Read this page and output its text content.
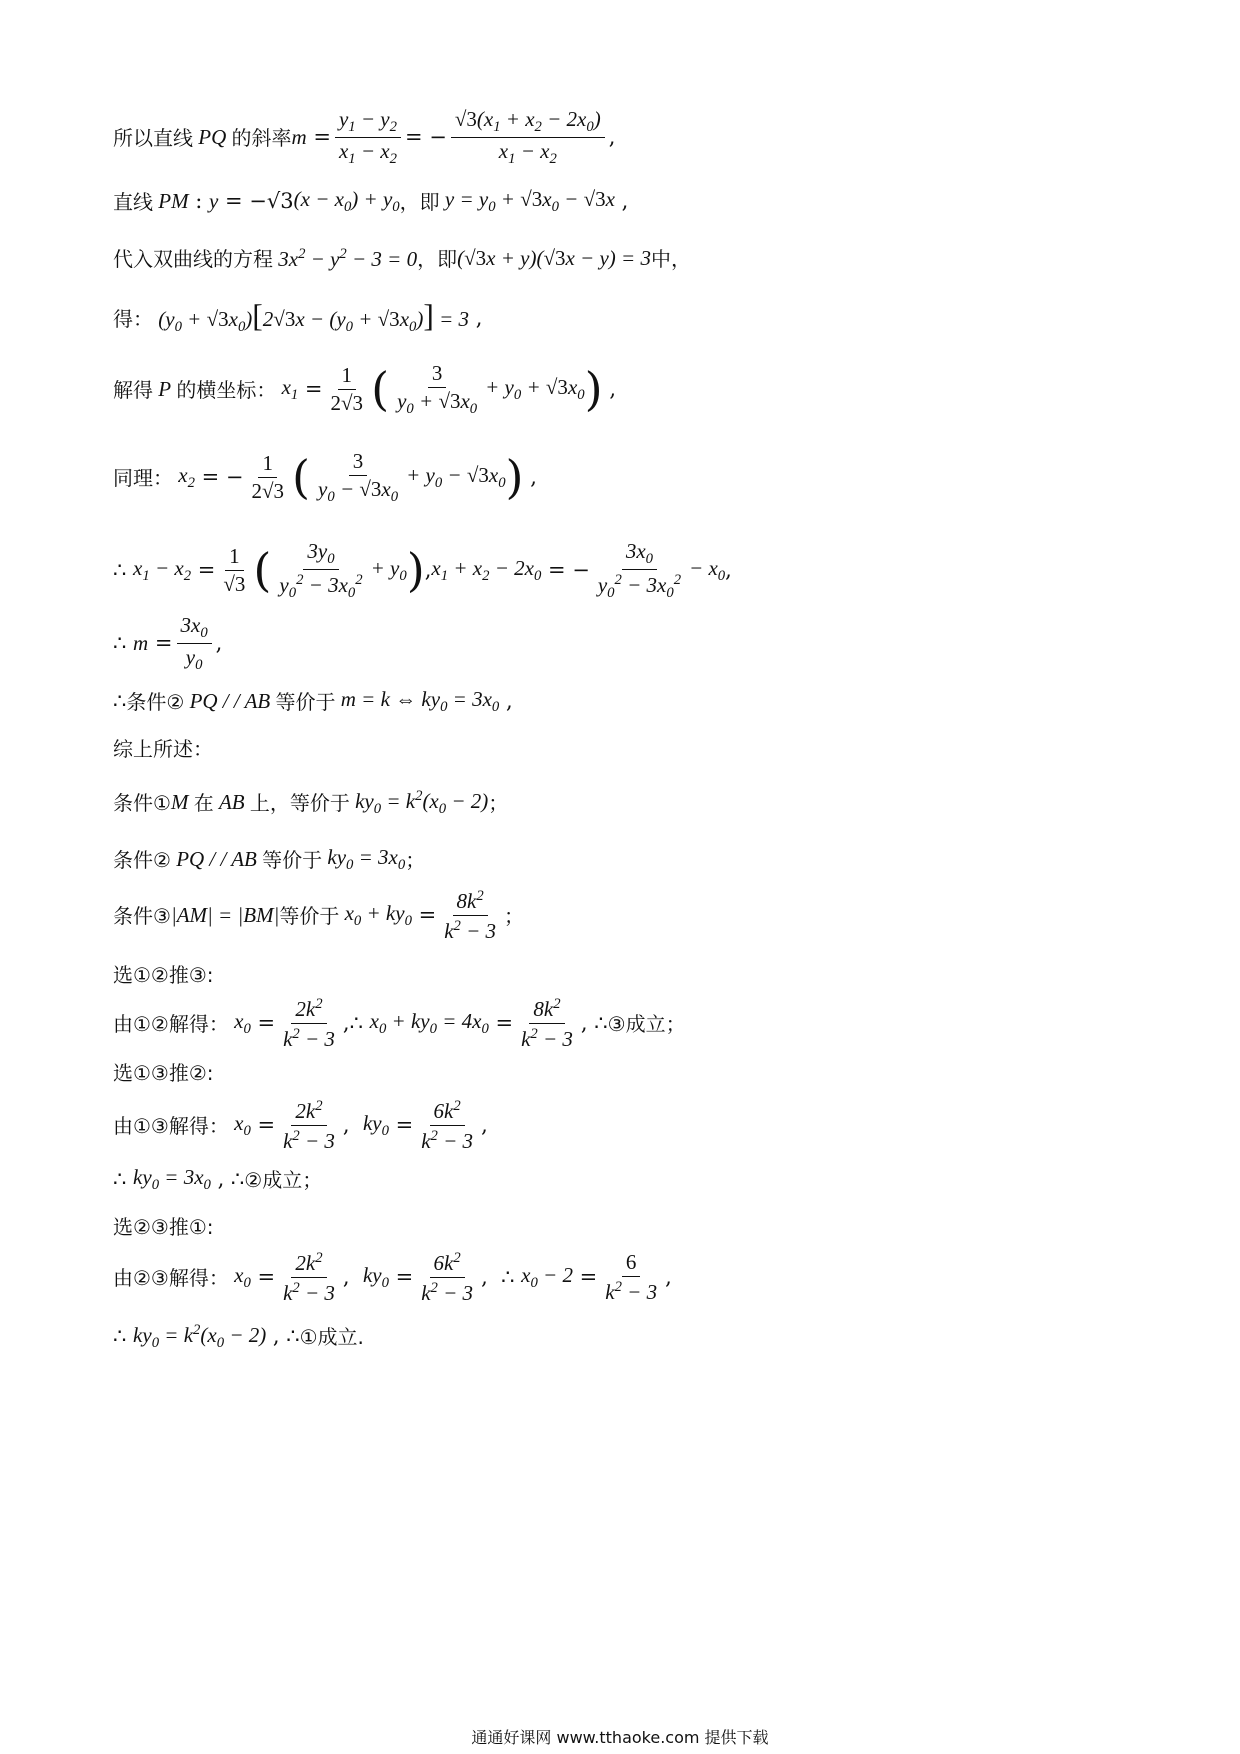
所以直线 PQ 的斜率 $m = \frac{y_1 - y_2}{x_1 - x_2}$ = − $\frac{√3(x_1 + x_2 - 2x_0)}{x_1 - x_2}$ ,
直线 PM : y = − √3 $(x - x_0) + y_0$ ，即 $y = y_0 + √3x_0 - √3x$ ,
代入双曲线的方程 $3x^2 - y^2 - 3 = 0$ ，即 (√3x + y)(√3x − y) = 3 中，
得： $(y_0 + √3x_0)[2√3x - (y_0 + √3x_0)] = 3$ ,
解得 P 的横坐标： $x_1 = \frac{1}{2√3}$ ( $\frac{3}{y_0 + √3x_0} + y_0 + √3x_0$ ) ,
同理： $x_2$ = − $\frac{1}{2√3}$ ( $\frac{3}{y_0 - √3x_0} + y_0 - √3x_0$ ) ,
∴ $x_1 - x_2 = \frac{1}{√3}$ ( $\frac{3y_0}{y_0^2 - 3x_0^2} + y_0$ ) , $x_1 + x_2 - 2x_0$ = − $\frac{3x_0}{y_0^2 - 3x_0^2} - x_0$ ,
∴ $m = \frac{3x_0}{y_0}$ ,
∴ 条件② PQ / / AB 等价于 m = k ⇔ $ky_0 = 3x_0$ ,
综上所述：
条件① M 在 AB 上，等价于 $ky_0 = k^2(x_0 - 2)$ ；
条件② PQ / / AB 等价于 $ky_0 = 3x_0$ ；
条件③ |AM| = |BM| 等价于 $x_0 + ky_0 = \frac{8k^2}{k^2 - 3}$ ；
选①②推③:
由①②解得： $x_0 = \frac{2k^2}{k^2 - 3}$ ,∴ $x_0 + ky_0 = 4x_0 = \frac{8k^2}{k^2 - 3}$ , ∴ ③成立；
选①③推②:
由①③解得： $x_0 = \frac{2k^2}{k^2 - 3}$ , $ky_0 = \frac{6k^2}{k^2 - 3}$ ,
∴ $ky_0 = 3x_0$ , ∴ ②成立；
选②③推①:
由②③解得： $x_0 = \frac{2k^2}{k^2 - 3}$ , $ky_0 = \frac{6k^2}{k^2 - 3}$ ,  ∴ $x_0 - 2 = \frac{6}{k^2 - 3}$ ,
∴ $ky_0 = k^2(x_0 - 2)$ , ∴ ①成立.
通通好课网 www.tthaoke.com 提供下载
